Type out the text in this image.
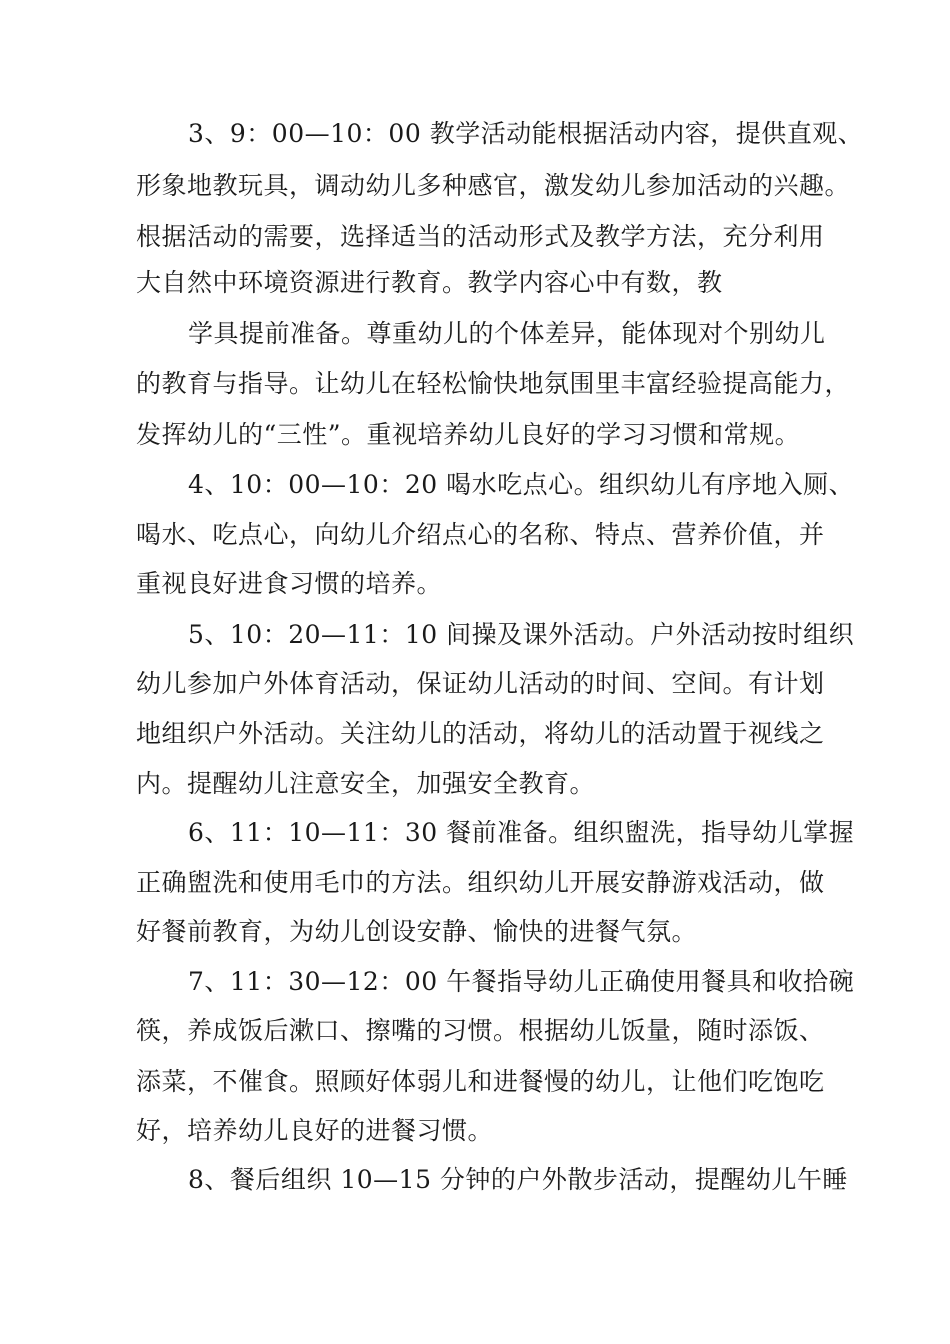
3、9：00—10：00 教学活动能根据活动内容，提供直观、
形象地教玩具，调动幼儿多种感官，激发幼儿参加活动的兴趣。
根据活动的需要，选择适当的活动形式及教学方法，充分利用
大自然中环境资源进行教育。教学内容心中有数，教
学具提前准备。尊重幼儿的个体差异，能体现对个别幼儿
的教育与指导。让幼儿在轻松愉快地氛围里丰富经验提高能力，
发挥幼儿的“三性”。重视培养幼儿良好的学习习惯和常规。
4、10：00—10：20 喝水吃点心。组织幼儿有序地入厕、
喝水、吃点心，向幼儿介绍点心的名称、特点、营养价值，并
重视良好进食习惯的培养。
5、10：20—11：10 间操及课外活动。户外活动按时组织
幼儿参加户外体育活动，保证幼儿活动的时间、空间。有计划
地组织户外活动。关注幼儿的活动，将幼儿的活动置于视线之
内。提醒幼儿注意安全，加强安全教育。
6、11：10—11：30 餐前准备。组织盥洗，指导幼儿掌握
正确盥洗和使用毛巾的方法。组织幼儿开展安静游戏活动，做
好餐前教育，为幼儿创设安静、愉快的进餐气氛。
7、11：30—12：00 午餐指导幼儿正确使用餐具和收拾碗
筷，养成饭后漱口、擦嘴的习惯。根据幼儿饭量，随时添饭、
添菜，不催食。照顾好体弱儿和进餐慢的幼儿，让他们吃饱吃
好，培养幼儿良好的进餐习惯。
8、餐后组织 10—15 分钟的户外散步活动，提醒幼儿午睡
